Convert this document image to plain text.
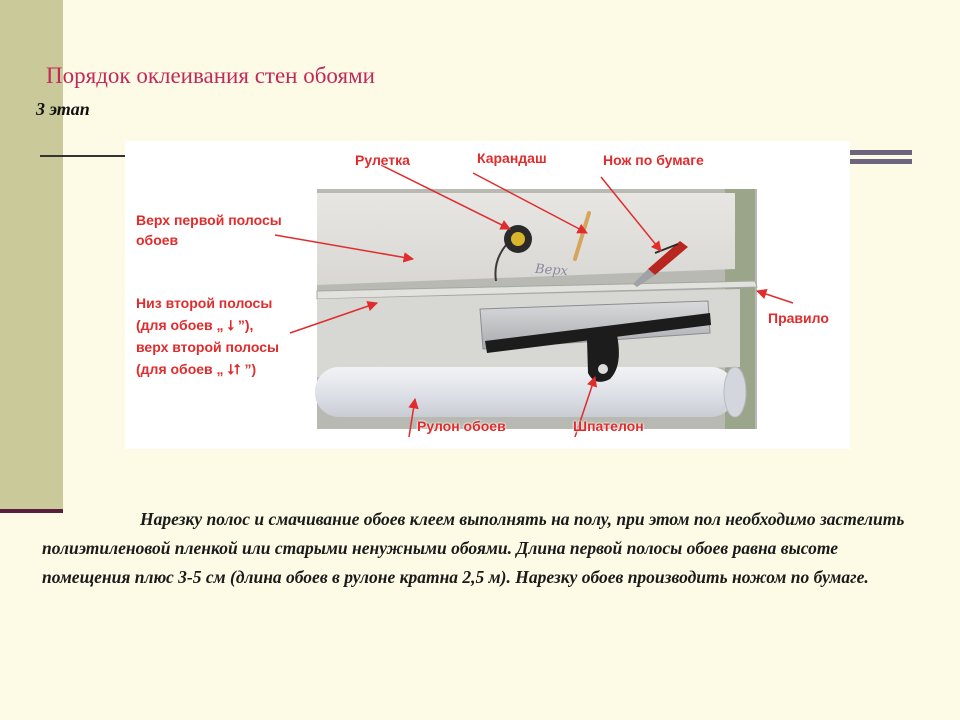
Порядок оклеивания стен обоями
3 этап
Рулетка	Карандаш	Нож по бумаге
Верх первой полосы
обоев
Низ второй полосы
(для обоев „ ⭣ ”),
верх второй полосы
(для обоев „ ⭣⭡ ”)
Правило
Рулон обоев	Шпателон
Верх
Нарезку полос и смачивание обоев клеем выполнять на полу, при этом пол необходимо застелить полиэтиленовой пленкой или старыми ненужными обоями. Длина первой полосы обоев равна высоте помещения плюс 3-5 см (длина обоев в рулоне кратна 2,5 м). Нарезку обоев производить ножом по бумаге.
